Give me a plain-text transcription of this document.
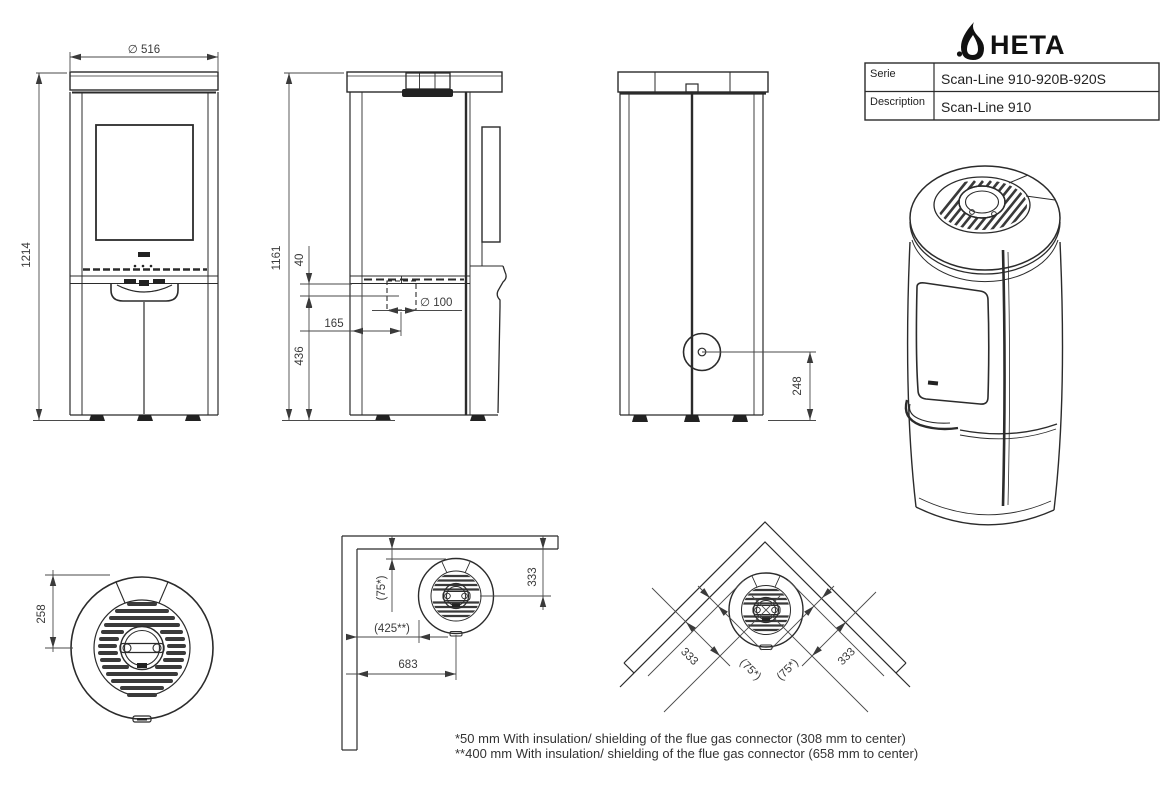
∅ 516
1214	1161 40
165
∅ 100
436
248
HETA
Serie	Scan-Line 910-920B-920S
Description Scan-Line 910
258
(75*)	333
(425**)
683	333	(75*)	333
(75*)
*50 mm With insulation/ shielding of the flue gas connector (308 mm to center)
**400 mm With insulation/ shielding of the flue gas connector (658 mm to center)
